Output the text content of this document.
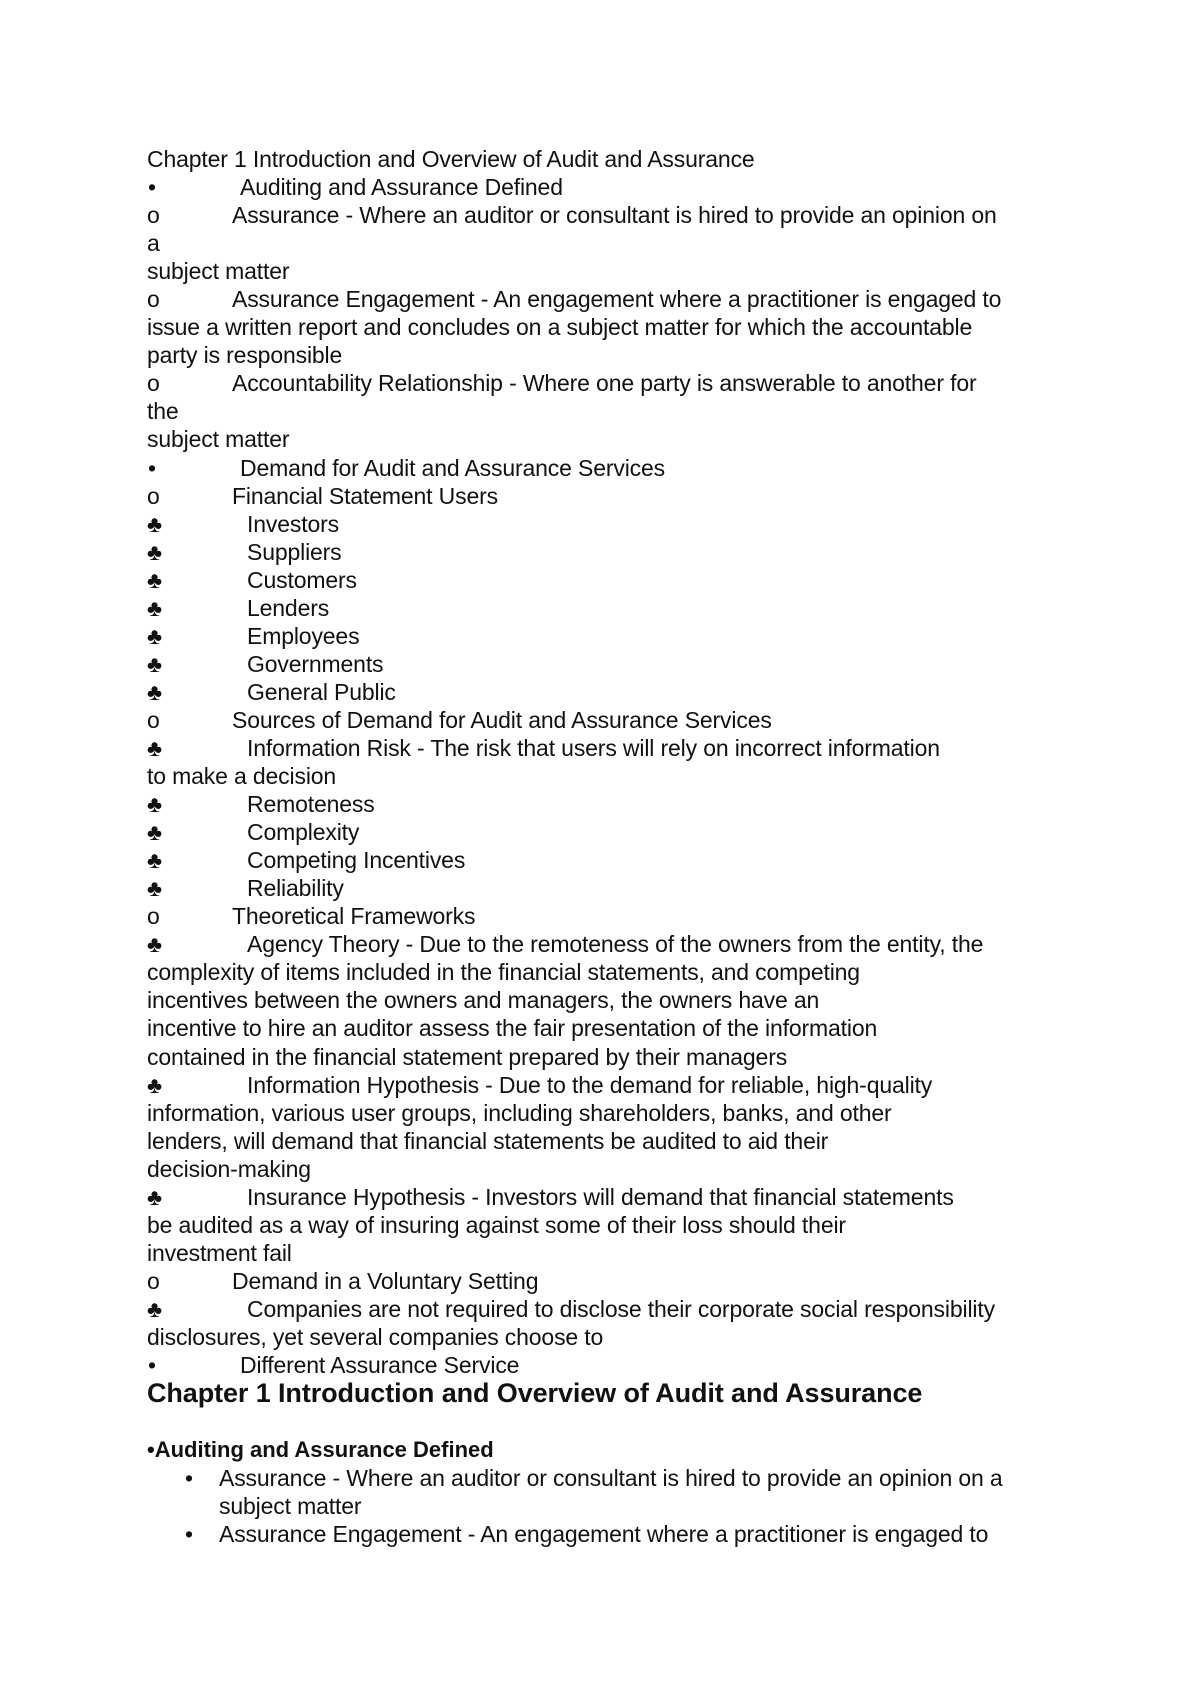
Chapter 1 Introduction and Overview of Audit and Assurance
•	Auditing and Assurance Defined
o	Assurance - Where an auditor or consultant is hired to provide an opinion on
a
subject matter
o	Assurance Engagement - An engagement where a practitioner is engaged to
issue a written report and concludes on a subject matter for which the accountable
party is responsible
o	Accountability Relationship - Where one party is answerable to another for
the
subject matter
•	Demand for Audit and Assurance Services
o	Financial Statement Users
♣	Investors
♣	Suppliers
♣	Customers
♣	Lenders
♣	Employees
♣	Governments
♣	General Public
o	Sources of Demand for Audit and Assurance Services
♣	Information Risk - The risk that users will rely on incorrect information
to make a decision
♣	Remoteness
♣	Complexity
♣	Competing Incentives
♣	Reliability
o	Theoretical Frameworks
♣	Agency Theory - Due to the remoteness of the owners from the entity, the
complexity of items included in the financial statements, and competing
incentives between the owners and managers, the owners have an
incentive to hire an auditor assess the fair presentation of the information
contained in the financial statement prepared by their managers
♣	Information Hypothesis - Due to the demand for reliable, high-quality
information, various user groups, including shareholders, banks, and other
lenders, will demand that financial statements be audited to aid their
decision-making
♣	Insurance Hypothesis - Investors will demand that financial statements
be audited as a way of insuring against some of their loss should their
investment fail
o	Demand in a Voluntary Setting
♣	Companies are not required to disclose their corporate social responsibility
disclosures, yet several companies choose to
•	Different Assurance Service
Chapter 1 Introduction and Overview of Audit and Assurance
•Auditing and Assurance Defined
• Assurance - Where an auditor or consultant is hired to provide an opinion on a subject matter
• Assurance Engagement - An engagement where a practitioner is engaged to
